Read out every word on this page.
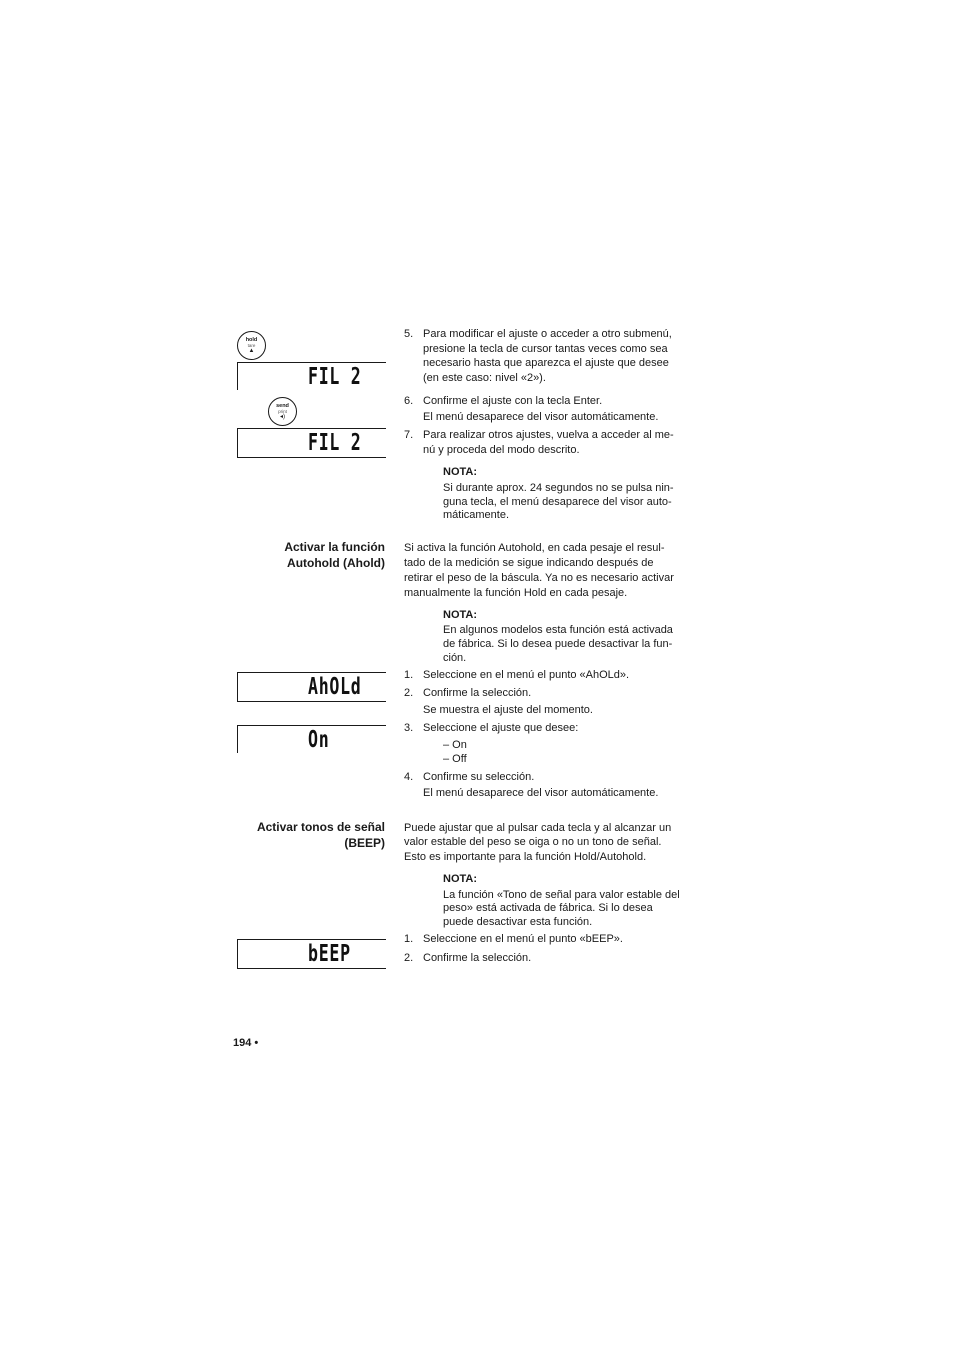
hold
tare
▲
FIL 2
send
print
◂)
FIL 2
AhOLd
On
bEEP
5. Para modificar el ajuste o acceder a otro submenú,
presione la tecla de cursor tantas veces como sea
necesario hasta que aparezca el ajuste que desee
(en este caso: nivel «2»).
6. Confirme el ajuste con la tecla Enter.
El menú desaparece del visor automáticamente.
7. Para realizar otros ajustes, vuelva a acceder al me-
nú y proceda del modo descrito.
NOTA:
Si durante aprox. 24 segundos no se pulsa nin-
guna tecla, el menú desaparece del visor auto-
máticamente.
Activar la función
Autohold (Ahold)
Si activa la función Autohold, en cada pesaje el resul-
tado de la medición se sigue indicando después de
retirar el peso de la báscula. Ya no es necesario activar
manualmente la función Hold en cada pesaje.
NOTA:
En algunos modelos esta función está activada
de fábrica. Si lo desea puede desactivar la fun-
ción.
1. Seleccione en el menú el punto «AhOLd».
2. Confirme la selección.
Se muestra el ajuste del momento.
3. Seleccione el ajuste que desee:
– On
– Off
4. Confirme su selección.
El menú desaparece del visor automáticamente.
Activar tonos de señal
(BEEP)
Puede ajustar que al pulsar cada tecla y al alcanzar un
valor estable del peso se oiga o no un tono de señal.
Esto es importante para la función Hold/Autohold.
NOTA:
La función «Tono de señal para valor estable del
peso» está activada de fábrica. Si lo desea
puede desactivar esta función.
1. Seleccione en el menú el punto «bEEP».
2. Confirme la selección.
194 •
